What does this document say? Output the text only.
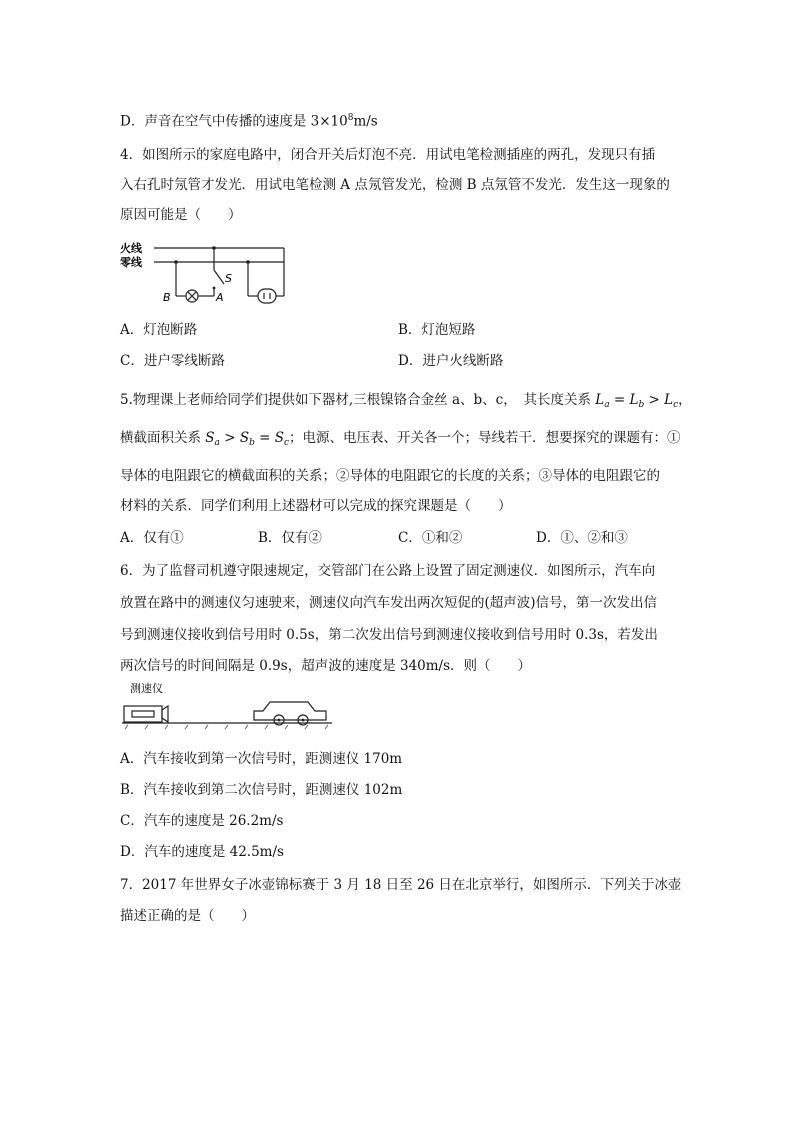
D．声音在空气中传播的速度是 $3\times 10^8m/s$
4．如图所示的家庭电路中，闭合开关后灯泡不亮．用试电笔检测插座的两孔，发现只有插
入右孔时氖管才发光．用试电笔检测 A 点氖管发光，检测 B 点氖管不发光．发生这一现象的
原因可能是（　　）
火线
零线
S
B	A
A．灯泡断路	B．灯泡短路
C．进户零线断路	D．进户火线断路
5.物理课上老师给同学们提供如下器材,三根镍铬合金丝 a、b、c，　其长度关系 $L_a = L_b > L_c$，
横截面积关系 $S_a > S_b = S_c$；电源、电压表、开关各一个；导线若干．想要探究的课题有：①
导体的电阻跟它的横截面积的关系；②导体的电阻跟它的长度的关系；③导体的电阻跟它的
材料的关系．同学们利用上述器材可以完成的探究课题是（　　）
A．仅有①	B．仅有②	C．①和②	D．①、②和③
6．为了监督司机遵守限速规定，交管部门在公路上设置了固定测速仪．如图所示，汽车向
放置在路中的测速仪匀速驶来，测速仪向汽车发出两次短促的(超声波)信号，第一次发出信
号到测速仪接收到信号用时 0.5s，第二次发出信号到测速仪接收到信号用时 0.3s，若发出
两次信号的时间间隔是 0.9s，超声波的速度是 340m/s．则（　　）
测速仪
A．汽车接收到第一次信号时，距测速仪 170m
B．汽车接收到第二次信号时，距测速仪 102m
C．汽车的速度是 26.2m/s
D．汽车的速度是 42.5m/s
7．2017 年世界女子冰壶锦标赛于 3 月 18 日至 26 日在北京举行，如图所示．下列关于冰壶
描述正确的是（　　）
